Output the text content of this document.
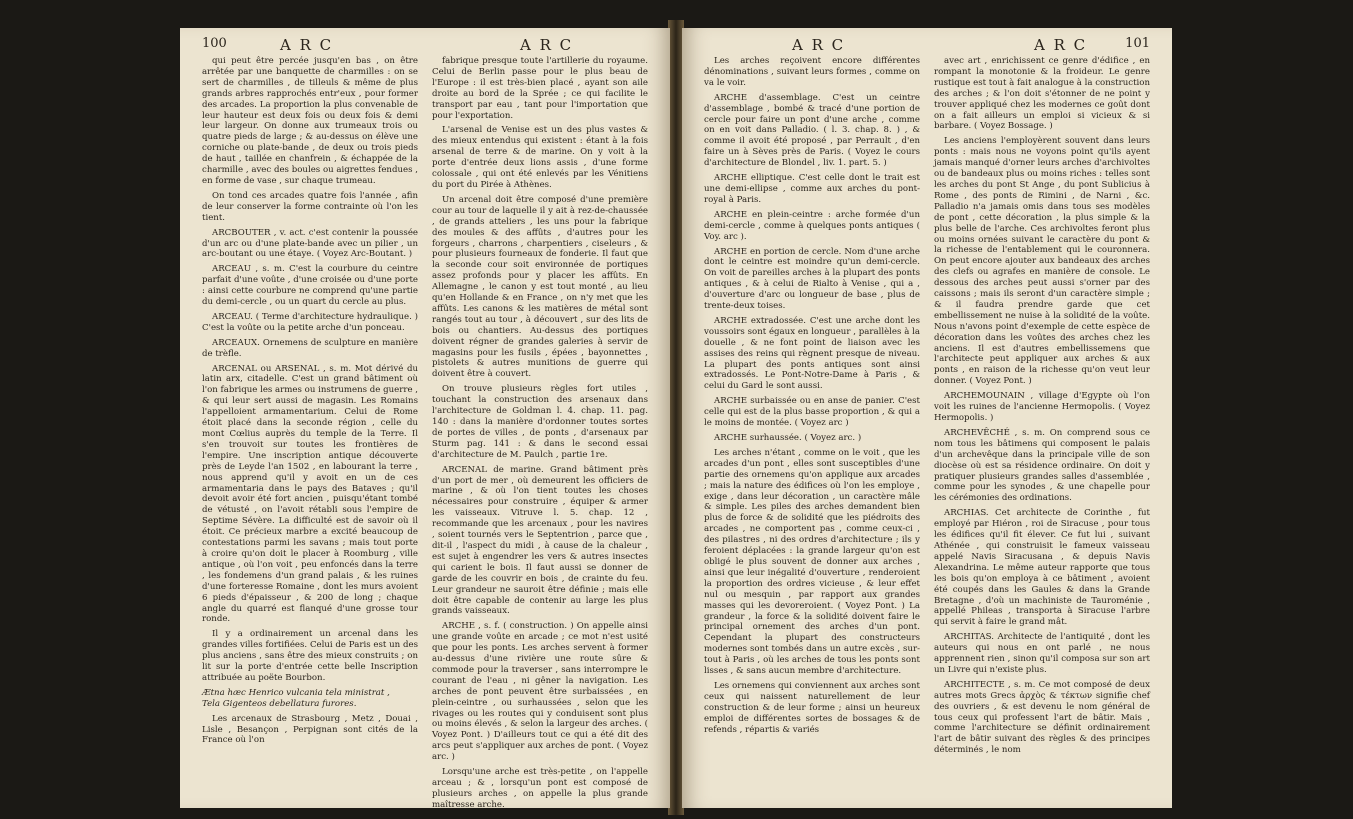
100	A R C	A R C

qui peut être percée jusqu'en bas , on être arrêtée par une banquette de charmilles : on se sert de charmilles , de tilleuls & même de plus grands arbres rapprochés entr'eux , pour former des arcades. La proportion la plus convenable de leur hauteur est deux fois ou deux fois & demi leur largeur. On donne aux trumeaux trois ou quatre pieds de large ; & au-dessus on élève une corniche ou plate-bande , de deux ou trois pieds de haut , taillée en chanfrein , & échappée de la charmille , avec des boules ou aigrettes fendues , en forme de vase , sur chaque trumeau.

On tond ces arcades quatre fois l'année , afin de leur conserver la forme contrainte où l'on les tient.

ARCBOUTER , v. act. c'est contenir la poussée d'un arc ou d'une plate-bande avec un pilier , un arc-boutant ou une étaye. ( Voyez Arc-Boutant. )

ARCEAU , s. m. C'est la courbure du ceintre parfait d'une voûte , d'une croisée ou d'une porte : ainsi cette courbure ne comprend qu'une partie du demi-cercle , ou un quart du cercle au plus.

ARCEAU. ( Terme d'architecture hydraulique. ) C'est la voûte ou la petite arche d'un ponceau.

ARCEAUX. Ornemens de sculpture en manière de trèfle.

ARCENAL ou ARSENAL , s. m. Mot dérivé du latin arx, citadelle. C'est un grand bâtiment où l'on fabrique les armes ou instrumens de guerre , & qui leur sert aussi de magasin. Les Romains l'appelloient armamentarium. Celui de Rome étoit placé dans la seconde région , celle du mont Cœlius auprès du temple de la Terre. Il s'en trouvoit sur toutes les frontières de l'empire. Une inscription antique découverte près de Leyde l'an 1502 , en labourant la terre , nous apprend qu'il y avoit en un de ces armamentaria dans le pays des Bataves ; qu'il devoit avoir été fort ancien , puisqu'étant tombé de vétusté , on l'avoit rétabli sous l'empire de Septime Sévère. La difficulté est de savoir où il étoit. Ce précieux marbre a excité beaucoup de contestations parmi les savans ; mais tout porte à croire qu'on doit le placer à Roomburg , ville antique , où l'on voit , peu enfoncés dans la terre , les fondemens d'un grand palais , & les ruines d'une forteresse Romaine , dont les murs avoient 6 pieds d'épaisseur , & 200 de long ; chaque angle du quarré est flanqué d'une grosse tour ronde.

Il y a ordinairement un arcenal dans les grandes villes fortifiées. Celui de Paris est un des plus anciens , sans être des mieux construits ; on lit sur la porte d'entrée cette belle Inscription attribuée au poëte Bourbon.

Ætna hæc Henrico vulcania tela ministrat ,

Tela Gigenteos debellatura furores.

Les arcenaux de Strasbourg , Metz , Douai , Lisle , Besançon , Perpignan sont cités de la France où l'on

fabrique presque toute l'artillerie du royaume. Celui de Berlin passe pour le plus beau de l'Europe : il est très-bien placé , ayant son aile droite au bord de la Sprée ; ce qui facilite le transport par eau , tant pour l'importation que pour l'exportation.

L'arsenal de Venise est un des plus vastes & des mieux entendus qui existent : étant à la fois arsenal de terre & de marine. On y voit à la porte d'entrée deux lions assis , d'une forme colossale , qui ont été enlevés par les Vénitiens du port du Pirée à Athènes.

Un arcenal doit être composé d'une première cour au tour de laquelle il y ait à rez-de-chaussée , de grands atteliers , les uns pour la fabrique des moules & des affûts , d'autres pour les forgeurs , charrons , charpentiers , ciseleurs , & pour plusieurs fourneaux de fonderie. Il faut que la seconde cour soit environnée de portiques assez profonds pour y placer les affûts. En Allemagne , le canon y est tout monté , au lieu qu'en Hollande & en France , on n'y met que les affûts. Les canons & les matières de métal sont rangés tout au tour , à découvert , sur des lits de bois ou chantiers. Au-dessus des portiques doivent régner de grandes galeries à servir de magasins pour les fusils , épées , bayonnettes , pistolets & autres munitions de guerre qui doivent être à couvert.

On trouve plusieurs règles fort utiles , touchant la construction des arsenaux dans l'architecture de Goldman l. 4. chap. 11. pag. 140 : dans la manière d'ordonner toutes sortes de portes de villes , de ponts , d'arsenaux par Sturm pag. 141 : & dans le second essai d'architecture de M. Paulch , partie 1re.

ARCENAL de marine. Grand bâtiment près d'un port de mer , où demeurent les officiers de marine , & où l'on tient toutes les choses nécessaires pour construire , équiper & armer les vaisseaux. Vitruve l. 5. chap. 12 , recommande que les arcenaux , pour les navires , soient tournés vers le Septentrion , parce que , dit-il , l'aspect du midi , à cause de la chaleur , est sujet à engendrer les vers & autres insectes qui carient le bois. Il faut aussi se donner de garde de les couvrir en bois , de crainte du feu. Leur grandeur ne sauroit être définie ; mais elle doit être capable de contenir au large les plus grands vaisseaux.

ARCHE , s. f. ( construction. ) On appelle ainsi une grande voûte en arcade ; ce mot n'est usité que pour les ponts. Les arches servent à former au-dessus d'une rivière une route sûre & commode pour la traverser , sans interrompre le courant de l'eau , ni gêner la navigation. Les arches de pont peuvent être surbaissées , en plein-ceintre , ou surhaussées , selon que les rivages ou les routes qui y conduisent sont plus ou moins élevés , & selon la largeur des arches. ( Voyez Pont. ) D'ailleurs tout ce qui a été dit des arcs peut s'appliquer aux arches de pont. ( Voyez arc. )

Lorsqu'une arche est très-petite , on l'appelle arceau ; & , lorsqu'un pont est composé de plusieurs arches , on appelle la plus grande maîtresse arche.

A R C	A R C	101

Les arches reçoivent encore différentes dénominations , suivant leurs formes , comme on va le voir.

ARCHE d'assemblage. C'est un ceintre d'assemblage , bombé & tracé d'une portion de cercle pour faire un pont d'une arche , comme on en voit dans Palladio. ( l. 3. chap. 8. ) , & comme il avoit été proposé , par Perrault , d'en faire un à Sèves près de Paris. ( Voyez le cours d'architecture de Blondel , liv. 1. part. 5. )

ARCHE elliptique. C'est celle dont le trait est une demi-ellipse , comme aux arches du pont-royal à Paris.

ARCHE en plein-ceintre : arche formée d'un demi-cercle , comme à quelques ponts antiques ( Voy. arc ).

ARCHE en portion de cercle. Nom d'une arche dont le ceintre est moindre qu'un demi-cercle. On voit de pareilles arches à la plupart des ponts antiques , & à celui de Rialto à Venise , qui a , d'ouverture d'arc ou longueur de base , plus de trente-deux toises.

ARCHE extradossée. C'est une arche dont les voussoirs sont égaux en longueur , parallèles à la douelle , & ne font point de liaison avec les assises des reins qui règnent presque de niveau. La plupart des ponts antiques sont ainsi extradossés. Le Pont-Notre-Dame à Paris , & celui du Gard le sont aussi.

ARCHE surbaissée ou en anse de panier. C'est celle qui est de la plus basse proportion , & qui a le moins de montée. ( Voyez arc )

ARCHE surhaussée. ( Voyez arc. )

Les arches n'étant , comme on le voit , que les arcades d'un pont , elles sont susceptibles d'une partie des ornemens qu'on applique aux arcades ; mais la nature des édifices où l'on les employe , exige , dans leur décoration , un caractère mâle & simple. Les piles des arches demandent bien plus de force & de solidité que les piédroits des arcades , ne comportent pas , comme ceux-ci , des pilastres , ni des ordres d'architecture ; ils y feroient déplacées : la grande largeur qu'on est obligé le plus souvent de donner aux arches , ainsi que leur inégalité d'ouverture , renderoient la proportion des ordres vicieuse , & leur effet nul ou mesquin , par rapport aux grandes masses qui les devoreroient. ( Voyez Pont. ) La grandeur , la force & la solidité doivent faire le principal ornement des arches d'un pont. Cependant la plupart des constructeurs modernes sont tombés dans un autre excès , sur-tout à Paris , où les arches de tous les ponts sont lisses , & sans aucun membre d'architecture.

Les ornemens qui conviennent aux arches sont ceux qui naissent naturellement de leur construction & de leur forme ; ainsi un heureux emploi de différentes sortes de bossages & de refends , répartis & variés

avec art , enrichissent ce genre d'édifice , en rompant la monotonie & la froideur. Le genre rustique est tout à fait analogue à la construction des arches ; & l'on doit s'étonner de ne point y trouver appliqué chez les modernes ce goût dont on a fait ailleurs un emploi si vicieux & si barbare. ( Voyez Bossage. )

Les anciens l'employèrent souvent dans leurs ponts : mais nous ne voyons point qu'ils ayent jamais manqué d'orner leurs arches d'archivoltes ou de bandeaux plus ou moins riches : telles sont les arches du pont St Ange , du pont Sublicius à Rome , des ponts de Rimini , de Narni , &c. Palladio n'a jamais omis dans tous ses modèles de pont , cette décoration , la plus simple & la plus belle de l'arche. Ces archivoltes feront plus ou moins ornées suivant le caractère du pont & la richesse de l'entablement qui le couronnera. On peut encore ajouter aux bandeaux des arches des clefs ou agrafes en manière de console. Le dessous des arches peut aussi s'orner par des caissons ; mais ils seront d'un caractère simple ; & il faudra prendre garde que cet embellissement ne nuise à la solidité de la voûte. Nous n'avons point d'exemple de cette espèce de décoration dans les voûtes des arches chez les anciens. Il est d'autres embellissemens que l'architecte peut appliquer aux arches & aux ponts , en raison de la richesse qu'on veut leur donner. ( Voyez Pont. )

ARCHEMOUNAIN , village d'Egypte où l'on voit les ruines de l'ancienne Hermopolis. ( Voyez Hermopolis. )

ARCHEVÊCHÉ , s. m. On comprend sous ce nom tous les bâtimens qui composent le palais d'un archevêque dans la principale ville de son diocèse où est sa résidence ordinaire. On doit y pratiquer plusieurs grandes salles d'assemblée , comme pour les synodes , & une chapelle pour les cérémonies des ordinations.

ARCHIAS. Cet architecte de Corinthe , fut employé par Hiéron , roi de Siracuse , pour tous les édifices qu'il fit élever. Ce fut lui , suivant Athénée , qui construisit le fameux vaisseau appelé Navis Siracusana , & depuis Navis Alexandrina. Le même auteur rapporte que tous les bois qu'on employa à ce bâtiment , avoient été coupés dans les Gaules & dans la Grande Bretagne , d'où un machiniste de Tauroménie , appellé Phileas , transporta à Siracuse l'arbre qui servit à faire le grand mât.

ARCHITAS. Architecte de l'antiquité , dont les auteurs qui nous en ont parlé , ne nous apprennent rien , sinon qu'il composa sur son art un Livre qui n'existe plus.

ARCHITECTE , s. m. Ce mot composé de deux autres mots Grecs ἀρχὸς & τέκτων signifie chef des ouvriers , & est devenu le nom général de tous ceux qui professent l'art de bâtir. Mais , comme l'architecture se définit ordinairement l'art de bâtir suivant des règles & des principes déterminés , le nom
